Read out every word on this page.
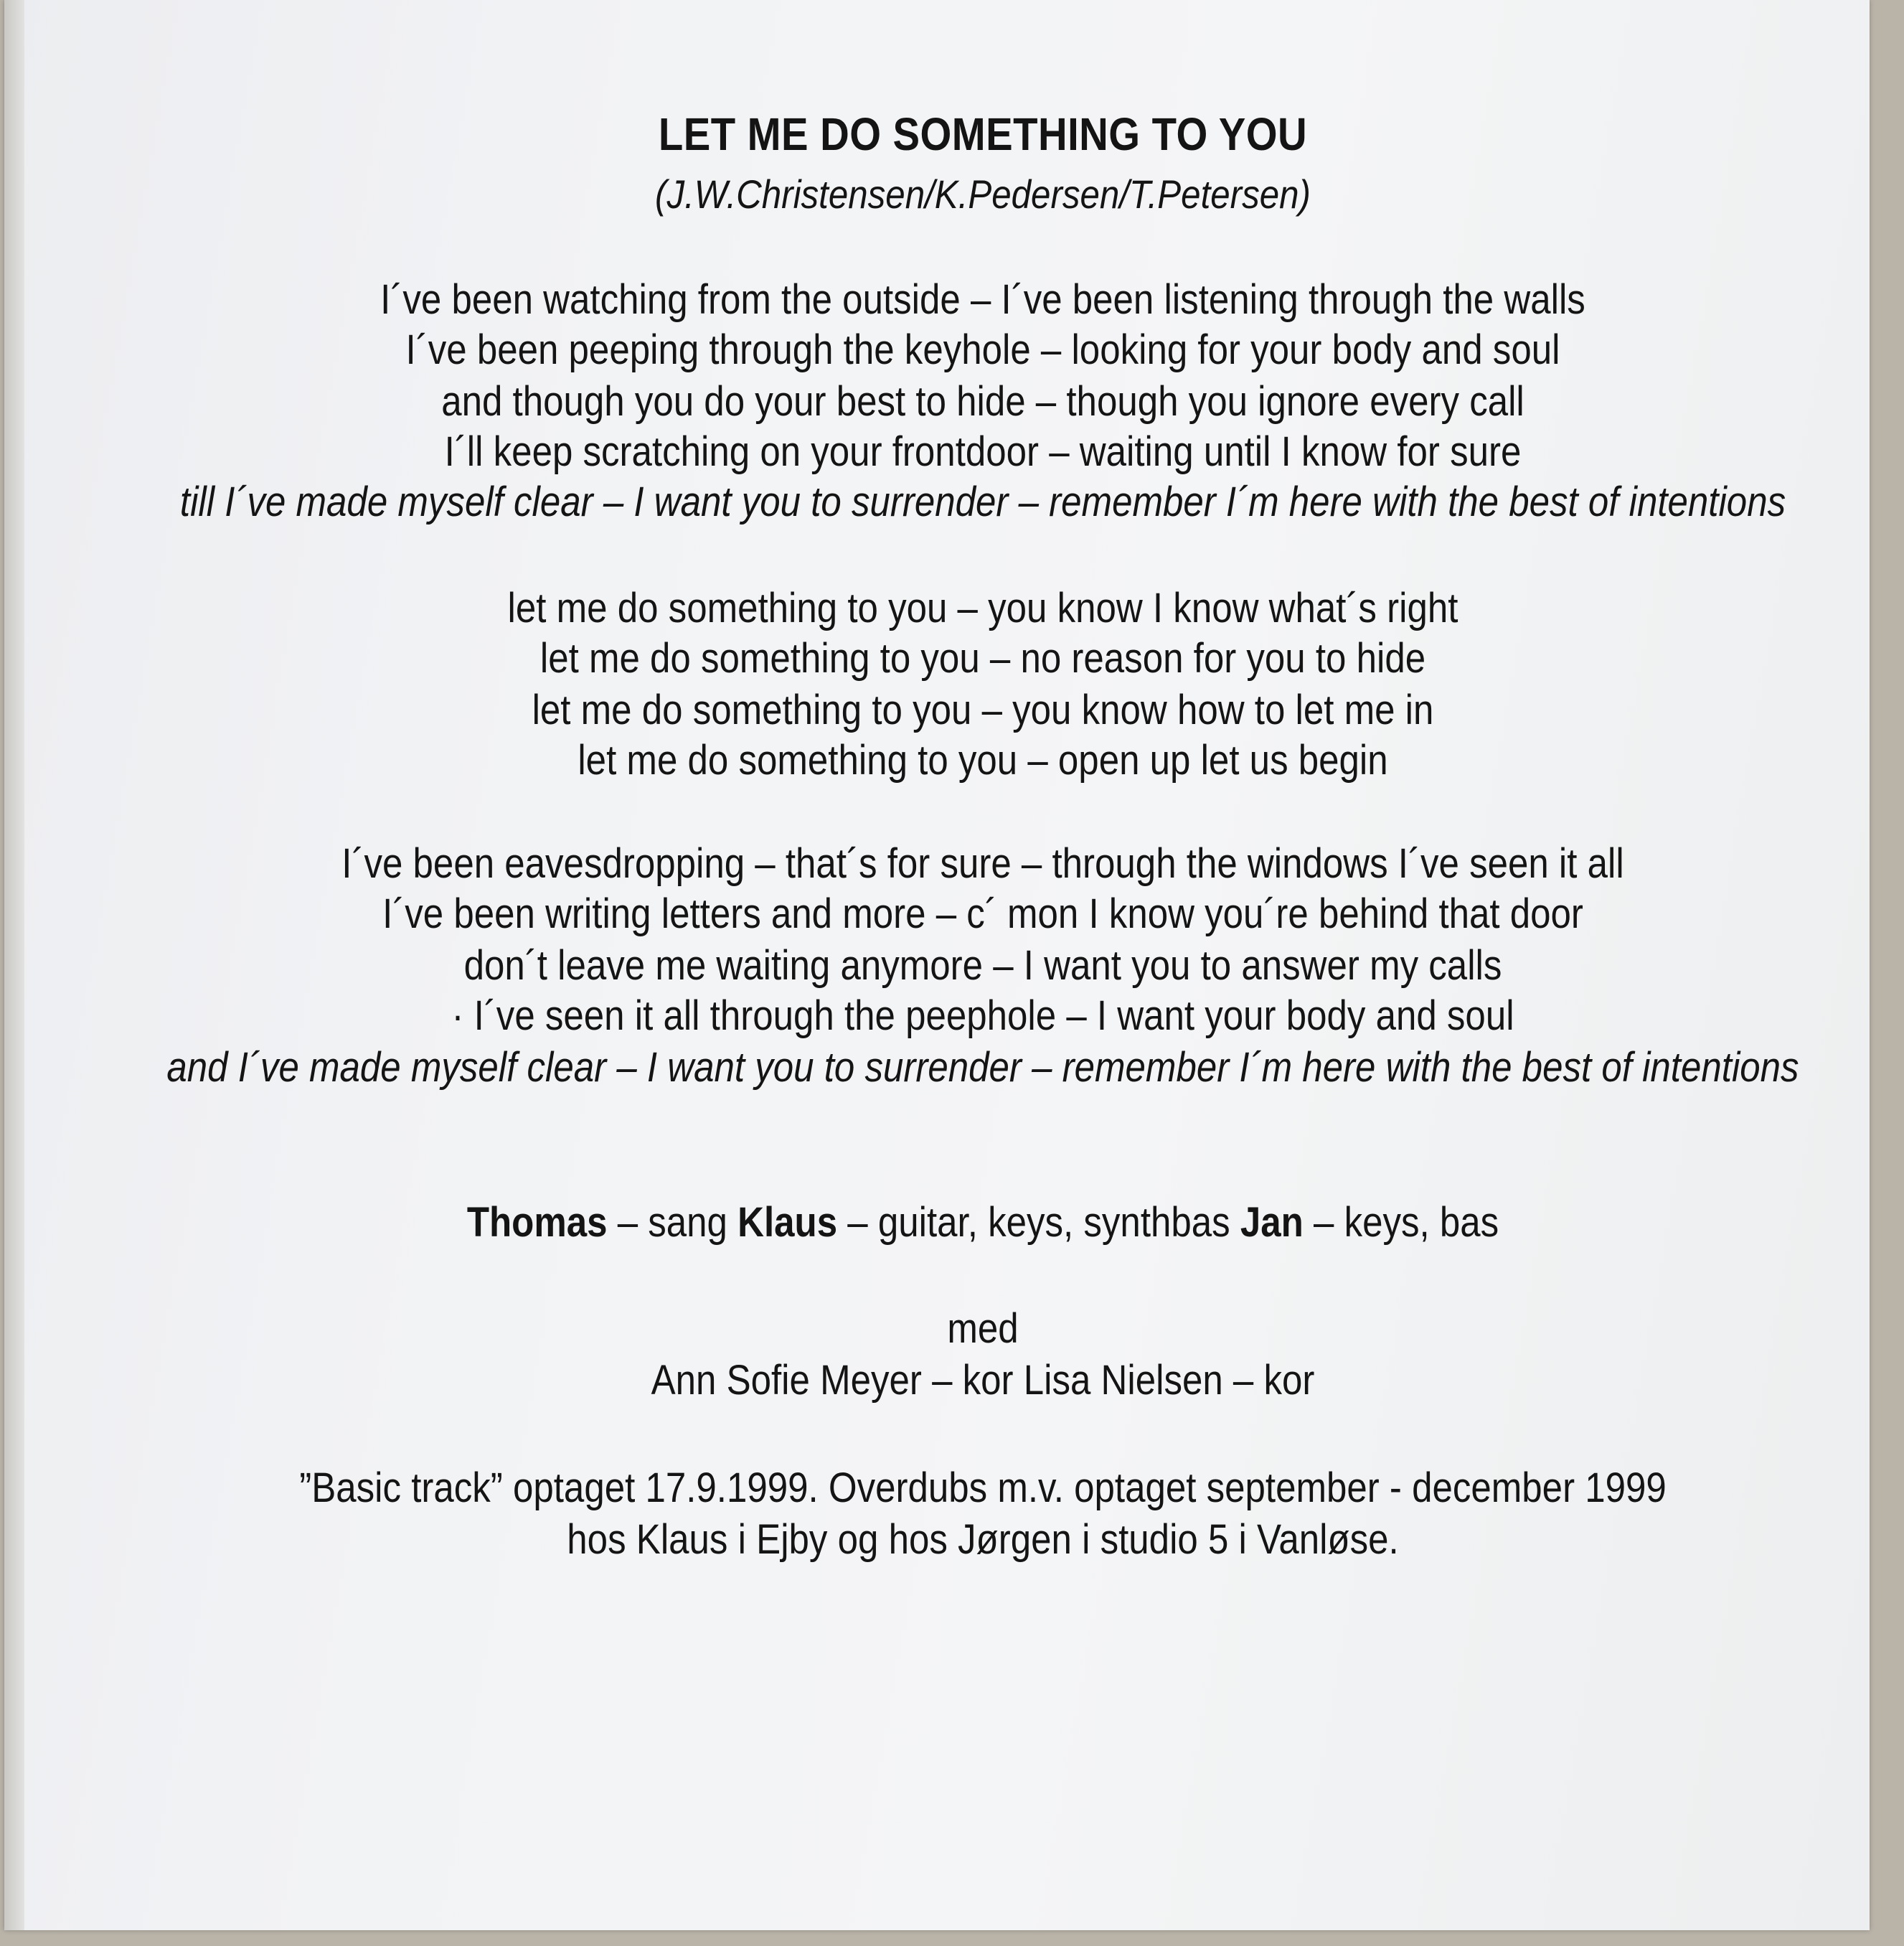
LET ME DO SOMETHING TO YOU
(J.W.Christensen/K.Pedersen/T.Petersen)
I´ve been watching from the outside – I´ve been listening through the walls
I´ve been peeping through the keyhole – looking for your body and soul
and though you do your best to hide – though you ignore every call
I´ll keep scratching on your frontdoor – waiting until I know for sure
till I´ve made myself clear – I want you to surrender – remember I´m here with the best of intentions
let me do something to you – you know I know what´s right
let me do something to you – no reason for you to hide
let me do something to you – you know how to let me in
let me do something to you – open up let us begin
I´ve been eavesdropping – that´s for sure – through the windows I´ve seen it all
I´ve been writing letters and more – c´ mon I know you´re behind that door
don´t leave me waiting anymore – I want you to answer my calls
· I´ve seen it all through the peephole – I want your body and soul
and I´ve made myself clear – I want you to surrender – remember I´m here with the best of intentions
Thomas – sang Klaus – guitar, keys, synthbas Jan – keys, bas
med
Ann Sofie Meyer – kor Lisa Nielsen – kor
”Basic track” optaget 17.9.1999. Overdubs m.v. optaget september - december 1999
hos Klaus i Ejby og hos Jørgen i studio 5 i Vanløse.
